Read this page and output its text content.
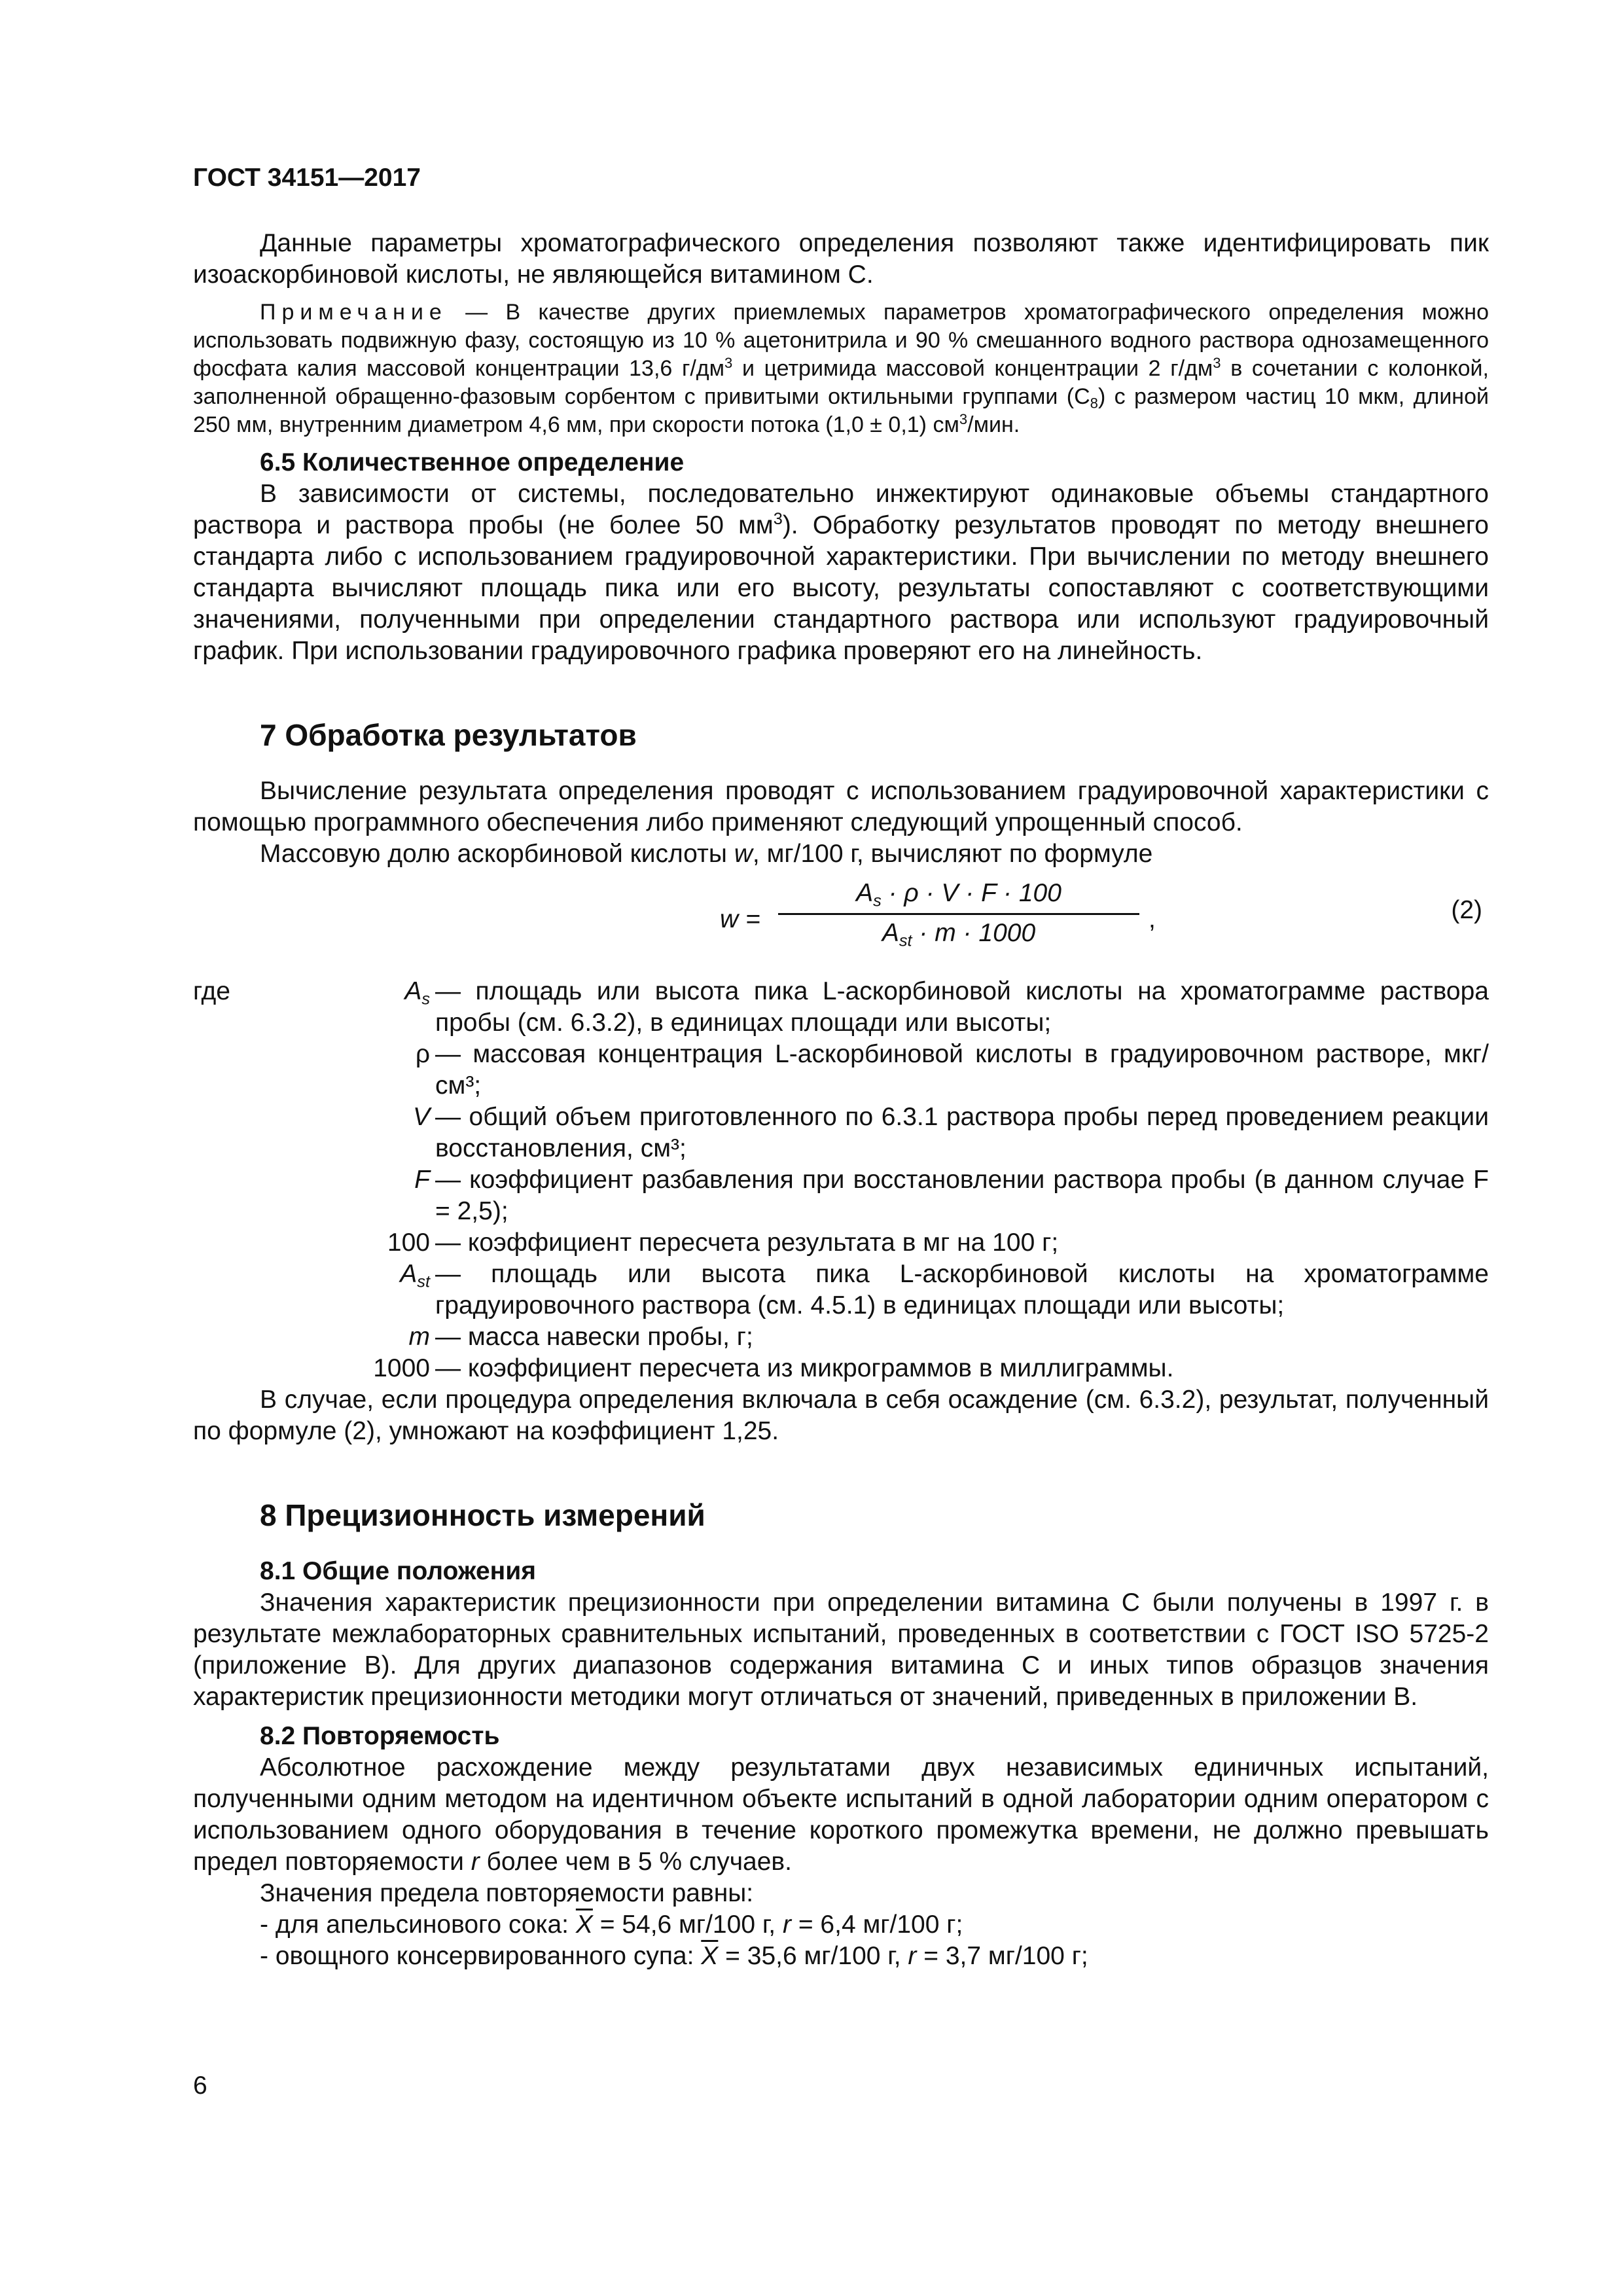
ГОСТ 34151—2017

Данные параметры хроматографического определения позволяют также идентифицировать пик изоаскорбиновой кислоты, не являющейся витамином С.

Примечание — В качестве других приемлемых параметров хроматографического определения можно использовать подвижную фазу, состоящую из 10 % ацетонитрила и 90 % смешанного водного раствора однозамещенного фосфата калия массовой концентрации 13,6 $г/дм^3$ и цетримида массовой концентрации 2 $г/дм^3$ в сочетании с колонкой, заполненной обращенно-фазовым сорбентом с привитыми октильными группами $(C_8)$ с размером частиц 10 мкм, длиной 250 мм, внутренним диаметром 4,6 мм, при скорости потока (1,0 ± 0,1) $см^3$/мин.

6.5 Количественное определение

В зависимости от системы, последовательно инжектируют одинаковые объемы стандартного раствора и раствора пробы (не более 50 $мм^3$). Обработку результатов проводят по методу внешнего стандарта либо с использованием градуировочной характеристики. При вычислении по методу внешнего стандарта вычисляют площадь пика или его высоту, результаты сопоставляют с соответствующими значениями, полученными при определении стандартного раствора или используют градуировочный график. При использовании градуировочного графика проверяют его на линейность.

7 Обработка результатов

Вычисление результата определения проводят с использованием градуировочной характеристики с помощью программного обеспечения либо применяют следующий упрощенный способ.

Массовую долю аскорбиновой кислоты w, мг/100 г, вычисляют по формуле

w =
$A_s \cdot \rho \cdot V \cdot F \cdot 100$
$A_{st} \cdot m \cdot 1000$	,	(2)
где	$A_s$ — площадь или высота пика L-аскорбиновой кислоты на хроматограмме раствора пробы (см. 6.3.2), в единицах площади или высоты;
ρ — массовая концентрация L-аскорбиновой кислоты в градуировочном растворе, мкг/см³;
V — общий объем приготовленного по 6.3.1 раствора пробы перед проведением реакции восстановления, см³;
F — коэффициент разбавления при восстановлении раствора пробы (в данном случае F = 2,5);
100 — коэффициент пересчета результата в мг на 100 г;
$A_{st}$ — площадь или высота пика L-аскорбиновой кислоты на хроматограмме градуировочного раствора (см. 4.5.1) в единицах площади или высоты;
m — масса навески пробы, г;
1000 — коэффициент пересчета из микрограммов в миллиграммы.

В случае, если процедура определения включала в себя осаждение (см. 6.3.2), результат, полученный по формуле (2), умножают на коэффициент 1,25.

8 Прецизионность измерений

8.1 Общие положения

Значения характеристик прецизионности при определении витамина С были получены в 1997 г. в результате межлабораторных сравнительных испытаний, проведенных в соответствии с ГОСТ ISO 5725-2 (приложение В). Для других диапазонов содержания витамина С и иных типов образцов значения характеристик прецизионности методики могут отличаться от значений, приведенных в приложении В.

8.2 Повторяемость

Абсолютное расхождение между результатами двух независимых единичных испытаний, полученными одним методом на идентичном объекте испытаний в одной лаборатории одним оператором с использованием одного оборудования в течение короткого промежутка времени, не должно превышать предел повторяемости r более чем в 5 % случаев.

Значения предела повторяемости равны:

- для апельсинового сока: $\overline{X} = 54,6$ мг/100 г, r = 6,4 мг/100 г;

- овощного консервированного супа: $\overline{X} = 35,6$ мг/100 г, r = 3,7 мг/100 г;

6
